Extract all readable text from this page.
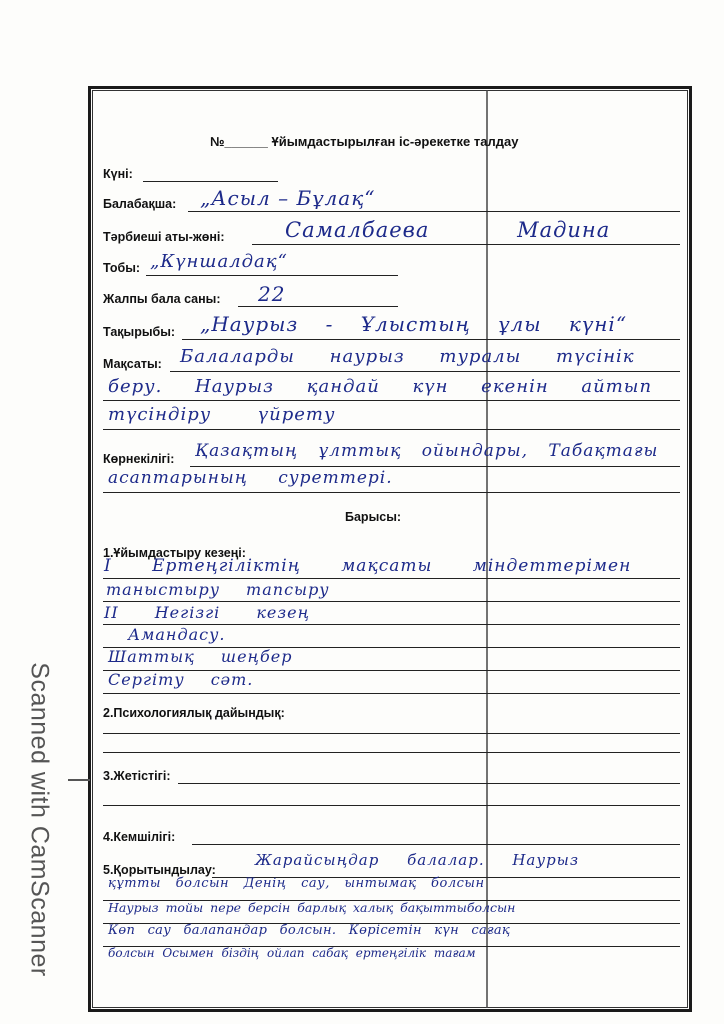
№______ Ұйымдастырылған іс-әрекетке талдау
Күні:
Балабақша: „Асыл – Бұлақ“
Тәрбиеші аты-жөні:	Самалбаева Мадина
Тобы: „Күншалдақ“
Жалпы бала саны: 22
Тақырыбы: „Наурыз - Ұлыстың ұлы күні“
Мақсаты: Балаларды наурыз туралы түсінік
беру. Наурыз қандай күн екенін айтып
түсіндіру үйрету
Көрнекілігі: Қазақтың ұлттық ойындары, Табақтағы
асаптарының суреттері.
Барысы:
1.Ұйымдастыру кезеңі:
I Ертеңгіліктің мақсаты міндеттерімен
таныстыру тапсыру
II Негізгі кезең
Амандасу.
Шаттық шеңбер
Сергіту сәт.
2.Психологиялық дайындық:
3.Жетістігі:
4.Кемшілігі:
5.Қорытындылау:
Жарайсыңдар балалар. Наурыз
құтты болсын Денің сау, ынтымақ болсын
Наурыз тойы пере берсін барлық халық бақыттыболсын
Көп сау балапандар болсын. Көрісетін күн сағақ
болсын Осымен біздің ойлап сабақ ертеңгілік тағам
Scanned with CamScanner
